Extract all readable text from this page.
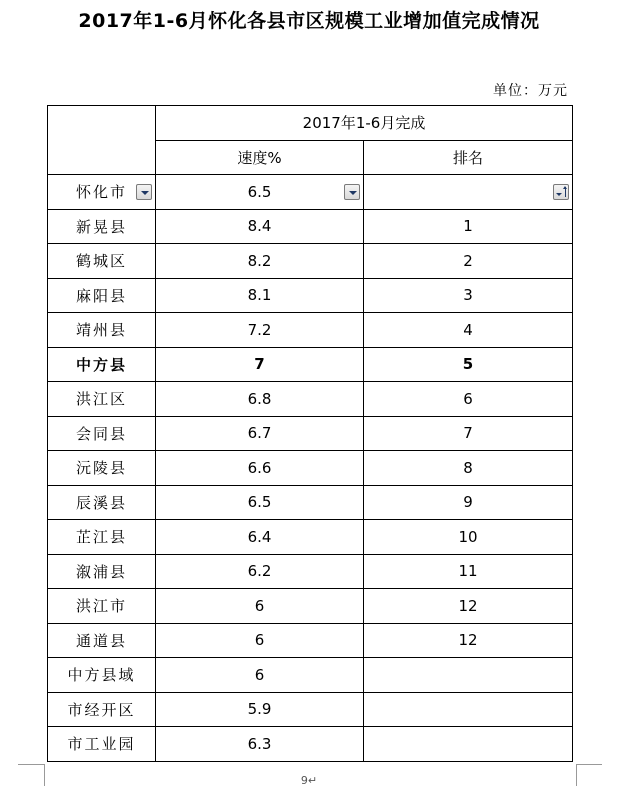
2017年1-6月怀化各县市区规模工业增加值完成情况
单位：万元
	2017年1-6月完成	
	速度%	排名
怀化市	6.5

新晃县	8.4	1
鹤城区	8.2	2
麻阳县	8.1	3
靖州县	7.2	4
中方县	7	5
洪江区	6.8	6
会同县	6.7	7
沅陵县	6.6	8
辰溪县	6.5	9
芷江县	6.4	10
溆浦县	6.2	11
洪江市	6	12
通道县	6	12
中方县域	6	
市经开区	5.9	
市工业园	6.3	
9↵
